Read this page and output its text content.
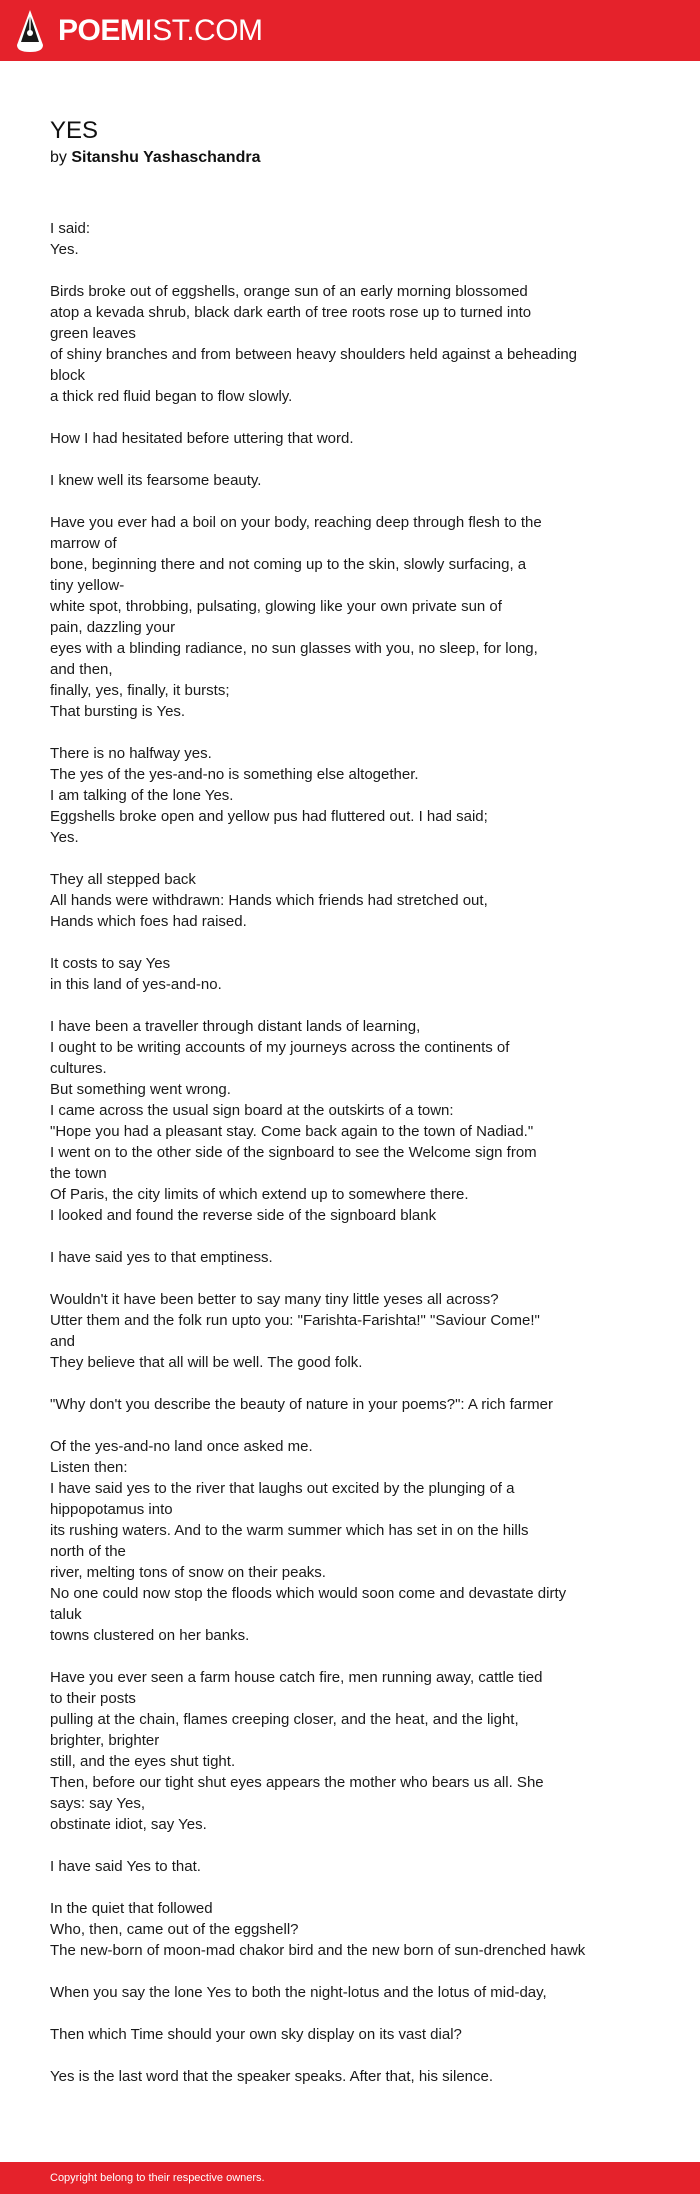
POEMIST.COM
YES
by Sitanshu Yashaschandra
I said:
Yes.
Birds broke out of eggshells, orange sun of an early morning blossomed
atop a kevada shrub, black dark earth of tree roots rose up to turned into
green leaves
of shiny branches and from between heavy shoulders held against a beheading
block
a thick red fluid began to flow slowly.
How I had hesitated before uttering that word.
I knew well its fearsome beauty.
Have you ever had a boil on your body, reaching deep through flesh to the
marrow of
bone, beginning there and not coming up to the skin, slowly surfacing, a
tiny yellow-
white spot, throbbing, pulsating, glowing like your own private sun of
pain, dazzling your
eyes with a blinding radiance, no sun glasses with you, no sleep, for long,
and then,
finally, yes, finally, it bursts;
That bursting is Yes.
There is no halfway yes.
The yes of the yes-and-no is something else altogether.
I am talking of the lone Yes.
Eggshells broke open and yellow pus had fluttered out. I had said;
Yes.
They all stepped back
All hands were withdrawn: Hands which friends had stretched out,
Hands which foes had raised.
It costs to say Yes
in this land of yes-and-no.
I have been a traveller through distant lands of learning,
I ought to be writing accounts of my journeys across the continents of
cultures.
But something went wrong.
I came across the usual sign board at the outskirts of a town:
"Hope you had a pleasant stay. Come back again to the town of Nadiad."
I went on to the other side of the signboard to see the Welcome sign from
the town
Of Paris, the city limits of which extend up to somewhere there.
I looked and found the reverse side of the signboard blank
I have said yes to that emptiness.
Wouldn't it have been better to say many tiny little yeses all across?
Utter them and the folk run upto you: "Farishta-Farishta!" "Saviour Come!"
and
They believe that all will be well. The good folk.
"Why don't you describe the beauty of nature in your poems?": A rich farmer
Of the yes-and-no land once asked me.
Listen then:
I have said yes to the river that laughs out excited by the plunging of a
hippopotamus into
its rushing waters. And to the warm summer which has set in on the hills
north of the
river, melting tons of snow on their peaks.
No one could now stop the floods which would soon come and devastate dirty
taluk
towns clustered on her banks.
Have you ever seen a farm house catch fire, men running away, cattle tied
to their posts
pulling at the chain, flames creeping closer, and the heat, and the light,
brighter, brighter
still, and the eyes shut tight.
Then, before our tight shut eyes appears the mother who bears us all. She
says: say Yes,
obstinate idiot, say Yes.
I have said Yes to that.
In the quiet that followed
Who, then, came out of the eggshell?
The new-born of moon-mad chakor bird and the new born of sun-drenched hawk
When you say the lone Yes to both the night-lotus and the lotus of mid-day,
Then which Time should your own sky display on its vast dial?
Yes is the last word that the speaker speaks. After that, his silence.
Copyright belong to their respective owners.
